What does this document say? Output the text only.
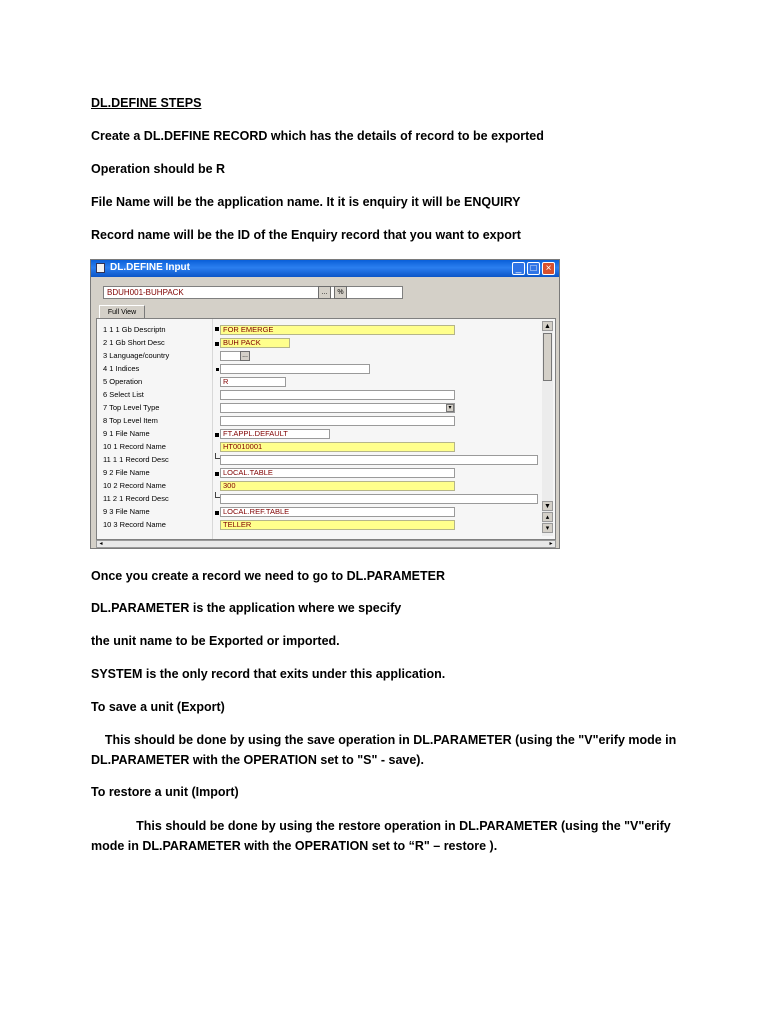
DL.DEFINE STEPS
Create a DL.DEFINE RECORD which has the details of record to be exported
Operation should be R
File Name will be the application name. It it is enquiry it will be ENQUIRY
Record name will be the ID of the Enquiry record that you want to export
DL.DEFINE Input	_ □ ×
BDUH001-BUHPACK	...	%
Full View
1 1 1 Gb Descriptn	FOR EMERGE
2 1 Gb Short Desc	BUH PACK
3 Language/country	...
4 1 Indices
5 Operation	R
6 Select List
7 Top Level Type	▾
8 Top Level Item
9 1 File Name	FT.APPL.DEFAULT
10 1 Record Name	HT0010001
11 1 1 Record Desc
9 2 File Name	LOCAL.TABLE
10 2 Record Name	300
11 2 1 Record Desc
9 3 File Name	LOCAL.REF.TABLE
10 3 Record Name	TELLER
▲
▼
▴
▾
◂	▸
Once you create a record we need to go to DL.PARAMETER
DL.PARAMETER is the application where we specify
the unit name to be Exported or imported.
SYSTEM is the only record that exits under this application.
To save a unit (Export)
This should be done by using the save operation in DL.PARAMETER (using the "V"erify mode in
DL.PARAMETER with the OPERATION set to "S" - save).
To restore a unit (Import)
This should be done by using the restore operation in DL.PARAMETER (using the "V"erify
mode in DL.PARAMETER with the OPERATION set to “R" – restore ).
